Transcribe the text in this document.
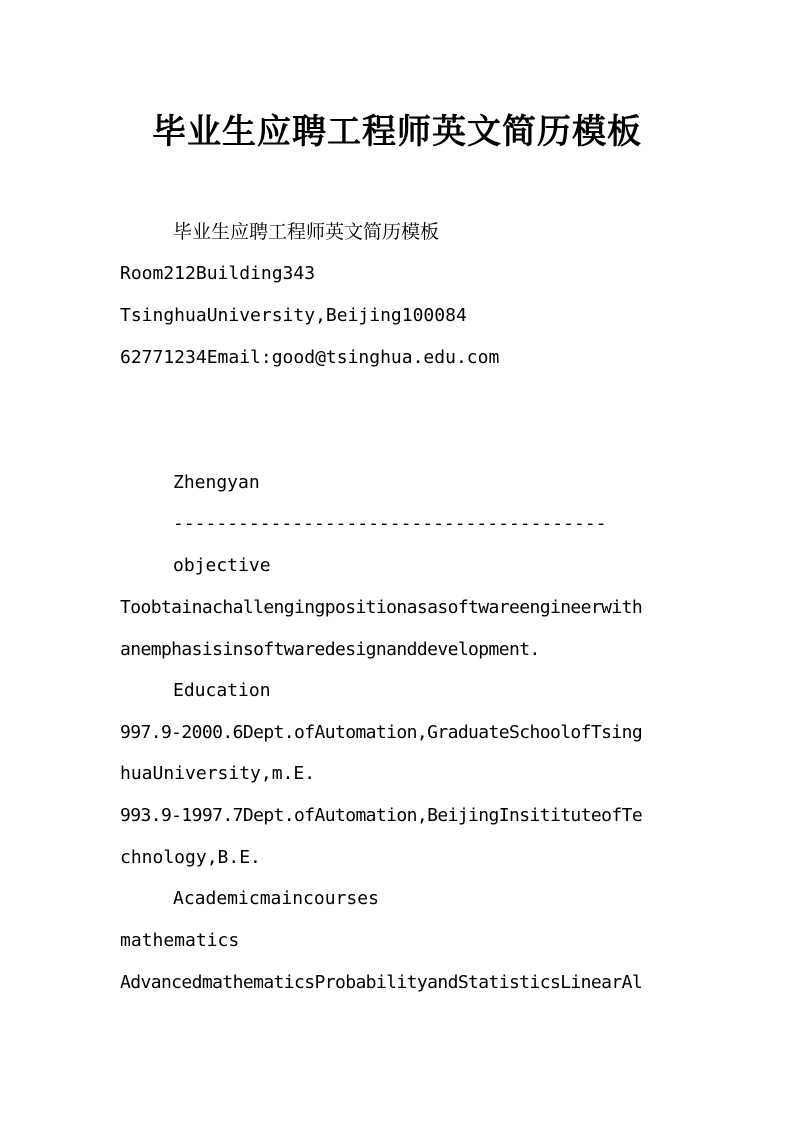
毕业生应聘工程师英文简历模板
毕业生应聘工程师英文简历模板
Room212Building343
TsinghuaUniversity,Beijing100084
62771234Email:good@tsinghua.edu.com
Zhengyan
----------------------------------------
objective
Toobtainachallengingpositionasasoftwareengineerwith
anemphasisinsoftwaredesignanddevelopment.
Education
997.9-2000.6Dept.ofAutomation,GraduateSchoolofTsing
huaUniversity,m.E.
993.9-1997.7Dept.ofAutomation,BeijingInsitituteofTe
chnology,B.E.
Academicmaincourses
mathematics
AdvancedmathematicsProbabilityandStatisticsLinearAl
